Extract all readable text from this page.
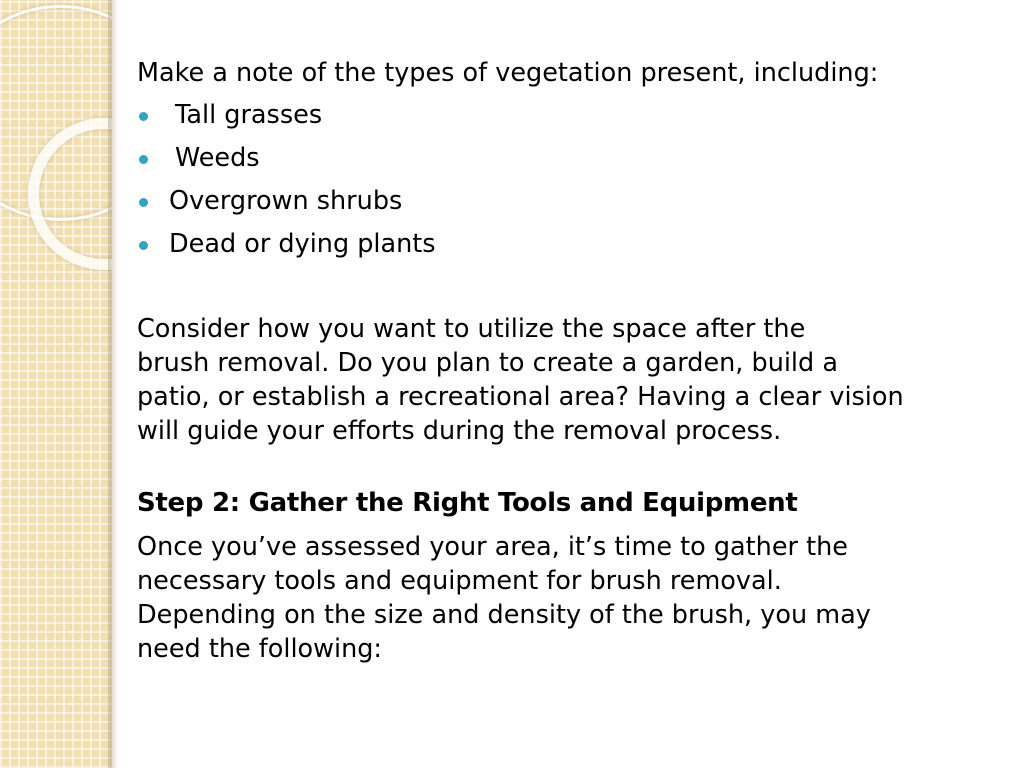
Make a note of the types of vegetation present, including:

Tall grasses
Weeds
Overgrown shrubs
Dead or dying plants

Consider how you want to utilize the space after the

brush removal. Do you plan to create a garden, build a

patio, or establish a recreational area? Having a clear vision

will guide your efforts during the removal process.

Step 2: Gather the Right Tools and Equipment

Once you’ve assessed your area, it’s time to gather the

necessary tools and equipment for brush removal.

Depending on the size and density of the brush, you may

need the following:
